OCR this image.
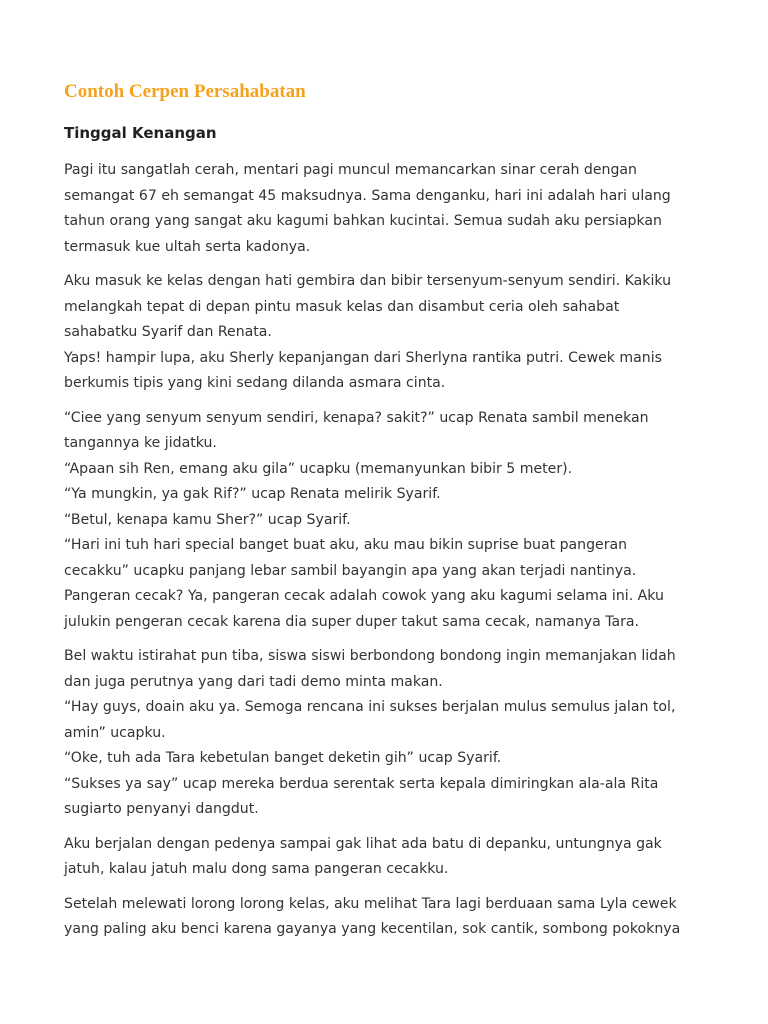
Contoh Cerpen Persahabatan
Tinggal Kenangan

Pagi itu sangatlah cerah, mentari pagi muncul memancarkan sinar cerah dengan
semangat 67 eh semangat 45 maksudnya. Sama denganku, hari ini adalah hari ulang
tahun orang yang sangat aku kagumi bahkan kucintai. Semua sudah aku persiapkan
termasuk kue ultah serta kadonya.

Aku masuk ke kelas dengan hati gembira dan bibir tersenyum-senyum sendiri. Kakiku
melangkah tepat di depan pintu masuk kelas dan disambut ceria oleh sahabat
sahabatku Syarif dan Renata.
Yaps! hampir lupa, aku Sherly kepanjangan dari Sherlyna rantika putri. Cewek manis
berkumis tipis yang kini sedang dilanda asmara cinta.

“Ciee yang senyum senyum sendiri, kenapa? sakit?” ucap Renata sambil menekan
tangannya ke jidatku.
“Apaan sih Ren, emang aku gila” ucapku (memanyunkan bibir 5 meter).
“Ya mungkin, ya gak Rif?” ucap Renata melirik Syarif.
“Betul, kenapa kamu Sher?” ucap Syarif.
“Hari ini tuh hari special banget buat aku, aku mau bikin suprise buat pangeran
cecakku” ucapku panjang lebar sambil bayangin apa yang akan terjadi nantinya.
Pangeran cecak? Ya, pangeran cecak adalah cowok yang aku kagumi selama ini. Aku
julukin pengeran cecak karena dia super duper takut sama cecak, namanya Tara.

Bel waktu istirahat pun tiba, siswa siswi berbondong bondong ingin memanjakan lidah
dan juga perutnya yang dari tadi demo minta makan.
“Hay guys, doain aku ya. Semoga rencana ini sukses berjalan mulus semulus jalan tol,
amin” ucapku.
“Oke, tuh ada Tara kebetulan banget deketin gih” ucap Syarif.
“Sukses ya say” ucap mereka berdua serentak serta kepala dimiringkan ala-ala Rita
sugiarto penyanyi dangdut.

Aku berjalan dengan pedenya sampai gak lihat ada batu di depanku, untungnya gak
jatuh, kalau jatuh malu dong sama pangeran cecakku.

Setelah melewati lorong lorong kelas, aku melihat Tara lagi berduaan sama Lyla cewek
yang paling aku benci karena gayanya yang kecentilan, sok cantik, sombong pokoknya
